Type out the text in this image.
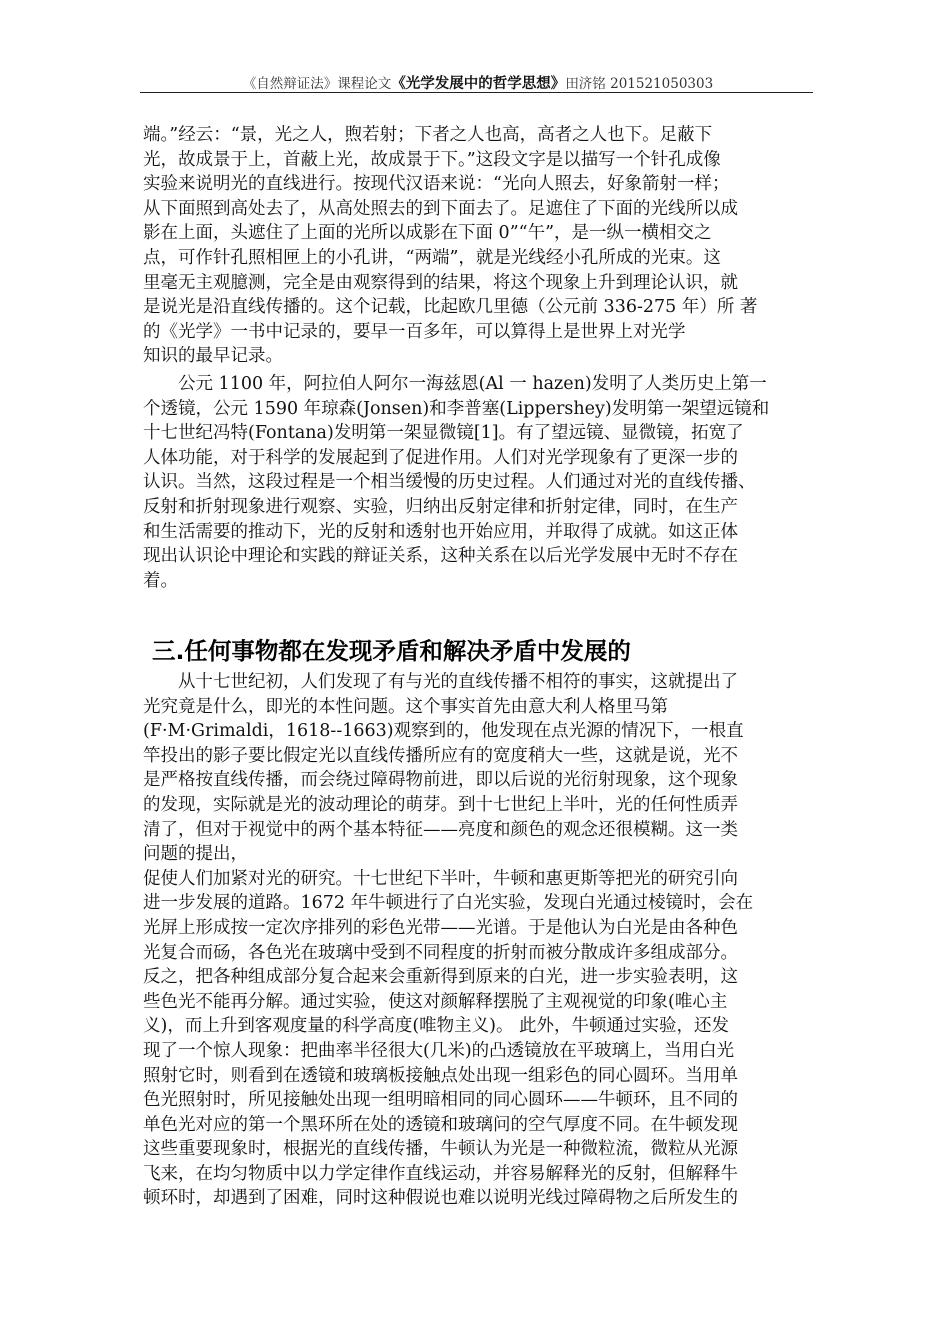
《自然辩证法》课程论文《光学发展中的哲学思想》田济铭 201521050303
端。”经云：“景，光之人，煦若射；下者之人也高，高者之人也下。足蔽下
光，故成景于上，首蔽上光，故成景于下。”这段文字是以描写一个针孔成像
实验来说明光的直线进行。按现代汉语来说：“光向人照去，好象箭射一样；
从下面照到高处去了，从高处照去的到下面去了。足遮住了下面的光线所以成
影在上面，头遮住了上面的光所以成影在下面 0”“午”，是一纵一横相交之
点，可作针孔照相匣上的小孔讲，“两端”，就是光线经小孔所成的光束。这
里毫无主观臆测，完全是由观察得到的结果，将这个现象上升到理论认识，就
是说光是沿直线传播的。这个记载，比起欧几里德（公元前 336-275 年）所 著
的《光学》一书中记录的，要早一百多年，可以算得上是世界上对光学
知识的最早记录。
　　公元 1100 年，阿拉伯人阿尔一海兹恩(Al 一 hazen)发明了人类历史上第一
个透镜，公元 1590 年琼森(Jonsen)和李普塞(Lippershey)发明第一架望远镜和
十七世纪冯特(Fontana)发明第一架显微镜[1]。有了望远镜、显微镜，拓宽了
人体功能，对于科学的发展起到了促进作用。人们对光学现象有了更深一步的
认识。当然，这段过程是一个相当缓慢的历史过程。人们通过对光的直线传播、
反射和折射现象进行观察、实验，归纳出反射定律和折射定律，同时，在生产
和生活需要的推动下，光的反射和透射也开始应用，并取得了成就。如这正体
现出认识论中理论和实践的辩证关系，这种关系在以后光学发展中无时不存在
着。
三.任何事物都在发现矛盾和解决矛盾中发展的
　　从十七世纪初，人们发现了有与光的直线传播不相符的事实，这就提出了
光究竟是什么，即光的本性问题。这个事实首先由意大利人格里马第
(F·M·Grimaldi，1618--1663)观察到的，他发现在点光源的情况下，一根直
竿投出的影子要比假定光以直线传播所应有的宽度稍大一些，这就是说，光不
是严格按直线传播，而会绕过障碍物前进，即以后说的光衍射现象，这个现象
的发现，实际就是光的波动理论的萌芽。到十七世纪上半叶，光的任何性质弄
清了，但对于视觉中的两个基本特征——亮度和颜色的观念还很模糊。这一类
问题的提出，
促使人们加紧对光的研究。十七世纪下半叶，牛顿和惠更斯等把光的研究引向
进一步发展的道路。1672 年牛顿进行了白光实验，发现白光通过棱镜时，会在
光屏上形成按一定次序排列的彩色光带——光谱。于是他认为白光是由各种色
光复合而砀，各色光在玻璃中受到不同程度的折射而被分散成许多组成部分。
反之，把各种组成部分复合起来会重新得到原来的白光，进一步实验表明，这
些色光不能再分解。通过实验，使这对颜解释摆脱了主观视觉的印象(唯心主
义)，而上升到客观度量的科学高度(唯物主义)。 此外，牛顿通过实验，还发
现了一个惊人现象：把曲率半径很大(几米)的凸透镜放在平玻璃上，当用白光
照射它时，则看到在透镜和玻璃板接触点处出现一组彩色的同心圆环。当用单
色光照射时，所见接触处出现一组明暗相同的同心圆环——牛顿环，且不同的
单色光对应的第一个黑环所在处的透镜和玻璃问的空气厚度不同。在牛顿发现
这些重要现象时，根据光的直线传播，牛顿认为光是一种微粒流，微粒从光源
飞来，在均匀物质中以力学定律作直线运动，并容易解释光的反射，但解释牛
顿环时，却遇到了困难，同时这种假说也难以说明光线过障碍物之后所发生的
